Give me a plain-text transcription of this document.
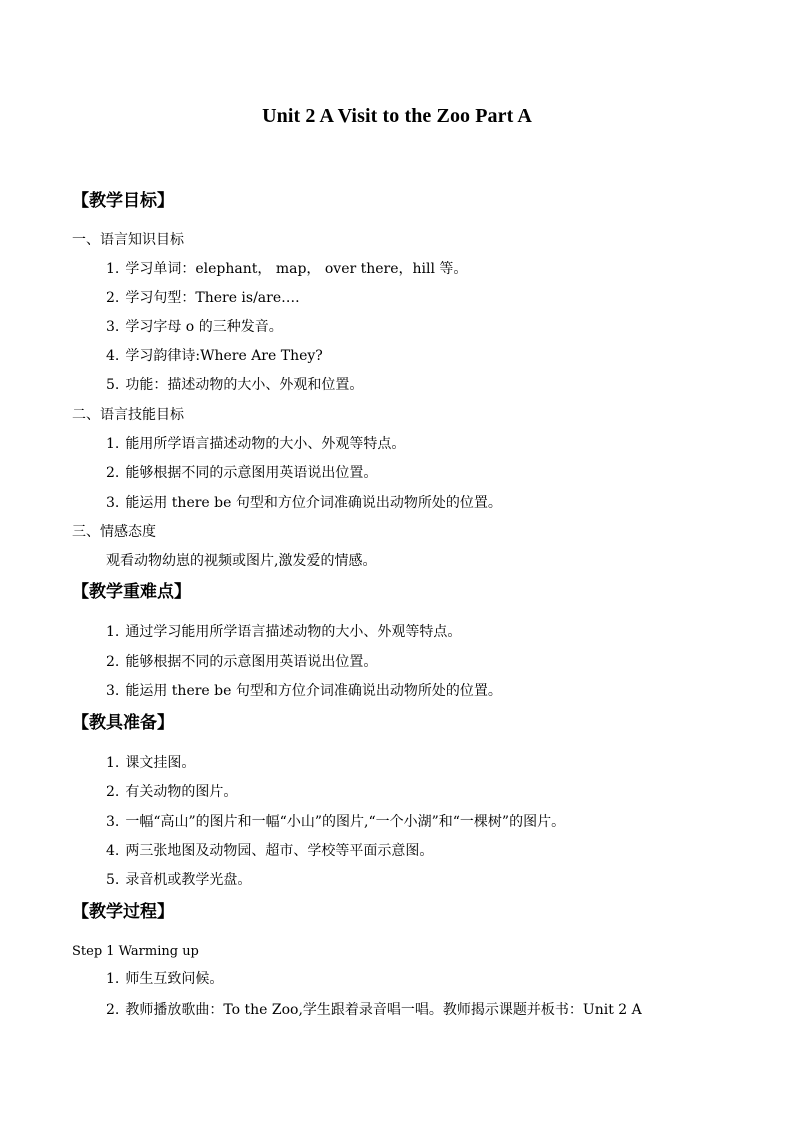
Unit 2 A Visit to the Zoo Part A
【教学目标】
一、语言知识目标
1. 学习单词：elephant， map， over there，hill 等。
2. 学习句型：There is/are….
3. 学习字母 o 的三种发音。
4. 学习韵律诗:Where Are They?
5. 功能：描述动物的大小、外观和位置。
二、语言技能目标
1. 能用所学语言描述动物的大小、外观等特点。
2. 能够根据不同的示意图用英语说出位置。
3. 能运用 there be 句型和方位介词准确说出动物所处的位置。
三、情感态度
观看动物幼崽的视频或图片,激发爱的情感。
【教学重难点】
1. 通过学习能用所学语言描述动物的大小、外观等特点。
2. 能够根据不同的示意图用英语说出位置。
3. 能运用 there be 句型和方位介词准确说出动物所处的位置。
【教具准备】
1. 课文挂图。
2. 有关动物的图片。
3. 一幅“高山”的图片和一幅“小山”的图片,“一个小湖”和“一棵树”的图片。
4. 两三张地图及动物园、超市、学校等平面示意图。
5. 录音机或教学光盘。
【教学过程】
Step 1 Warming up
1. 师生互致问候。
2. 教师播放歌曲：To the Zoo,学生跟着录音唱一唱。教师揭示课题并板书：Unit 2 A
